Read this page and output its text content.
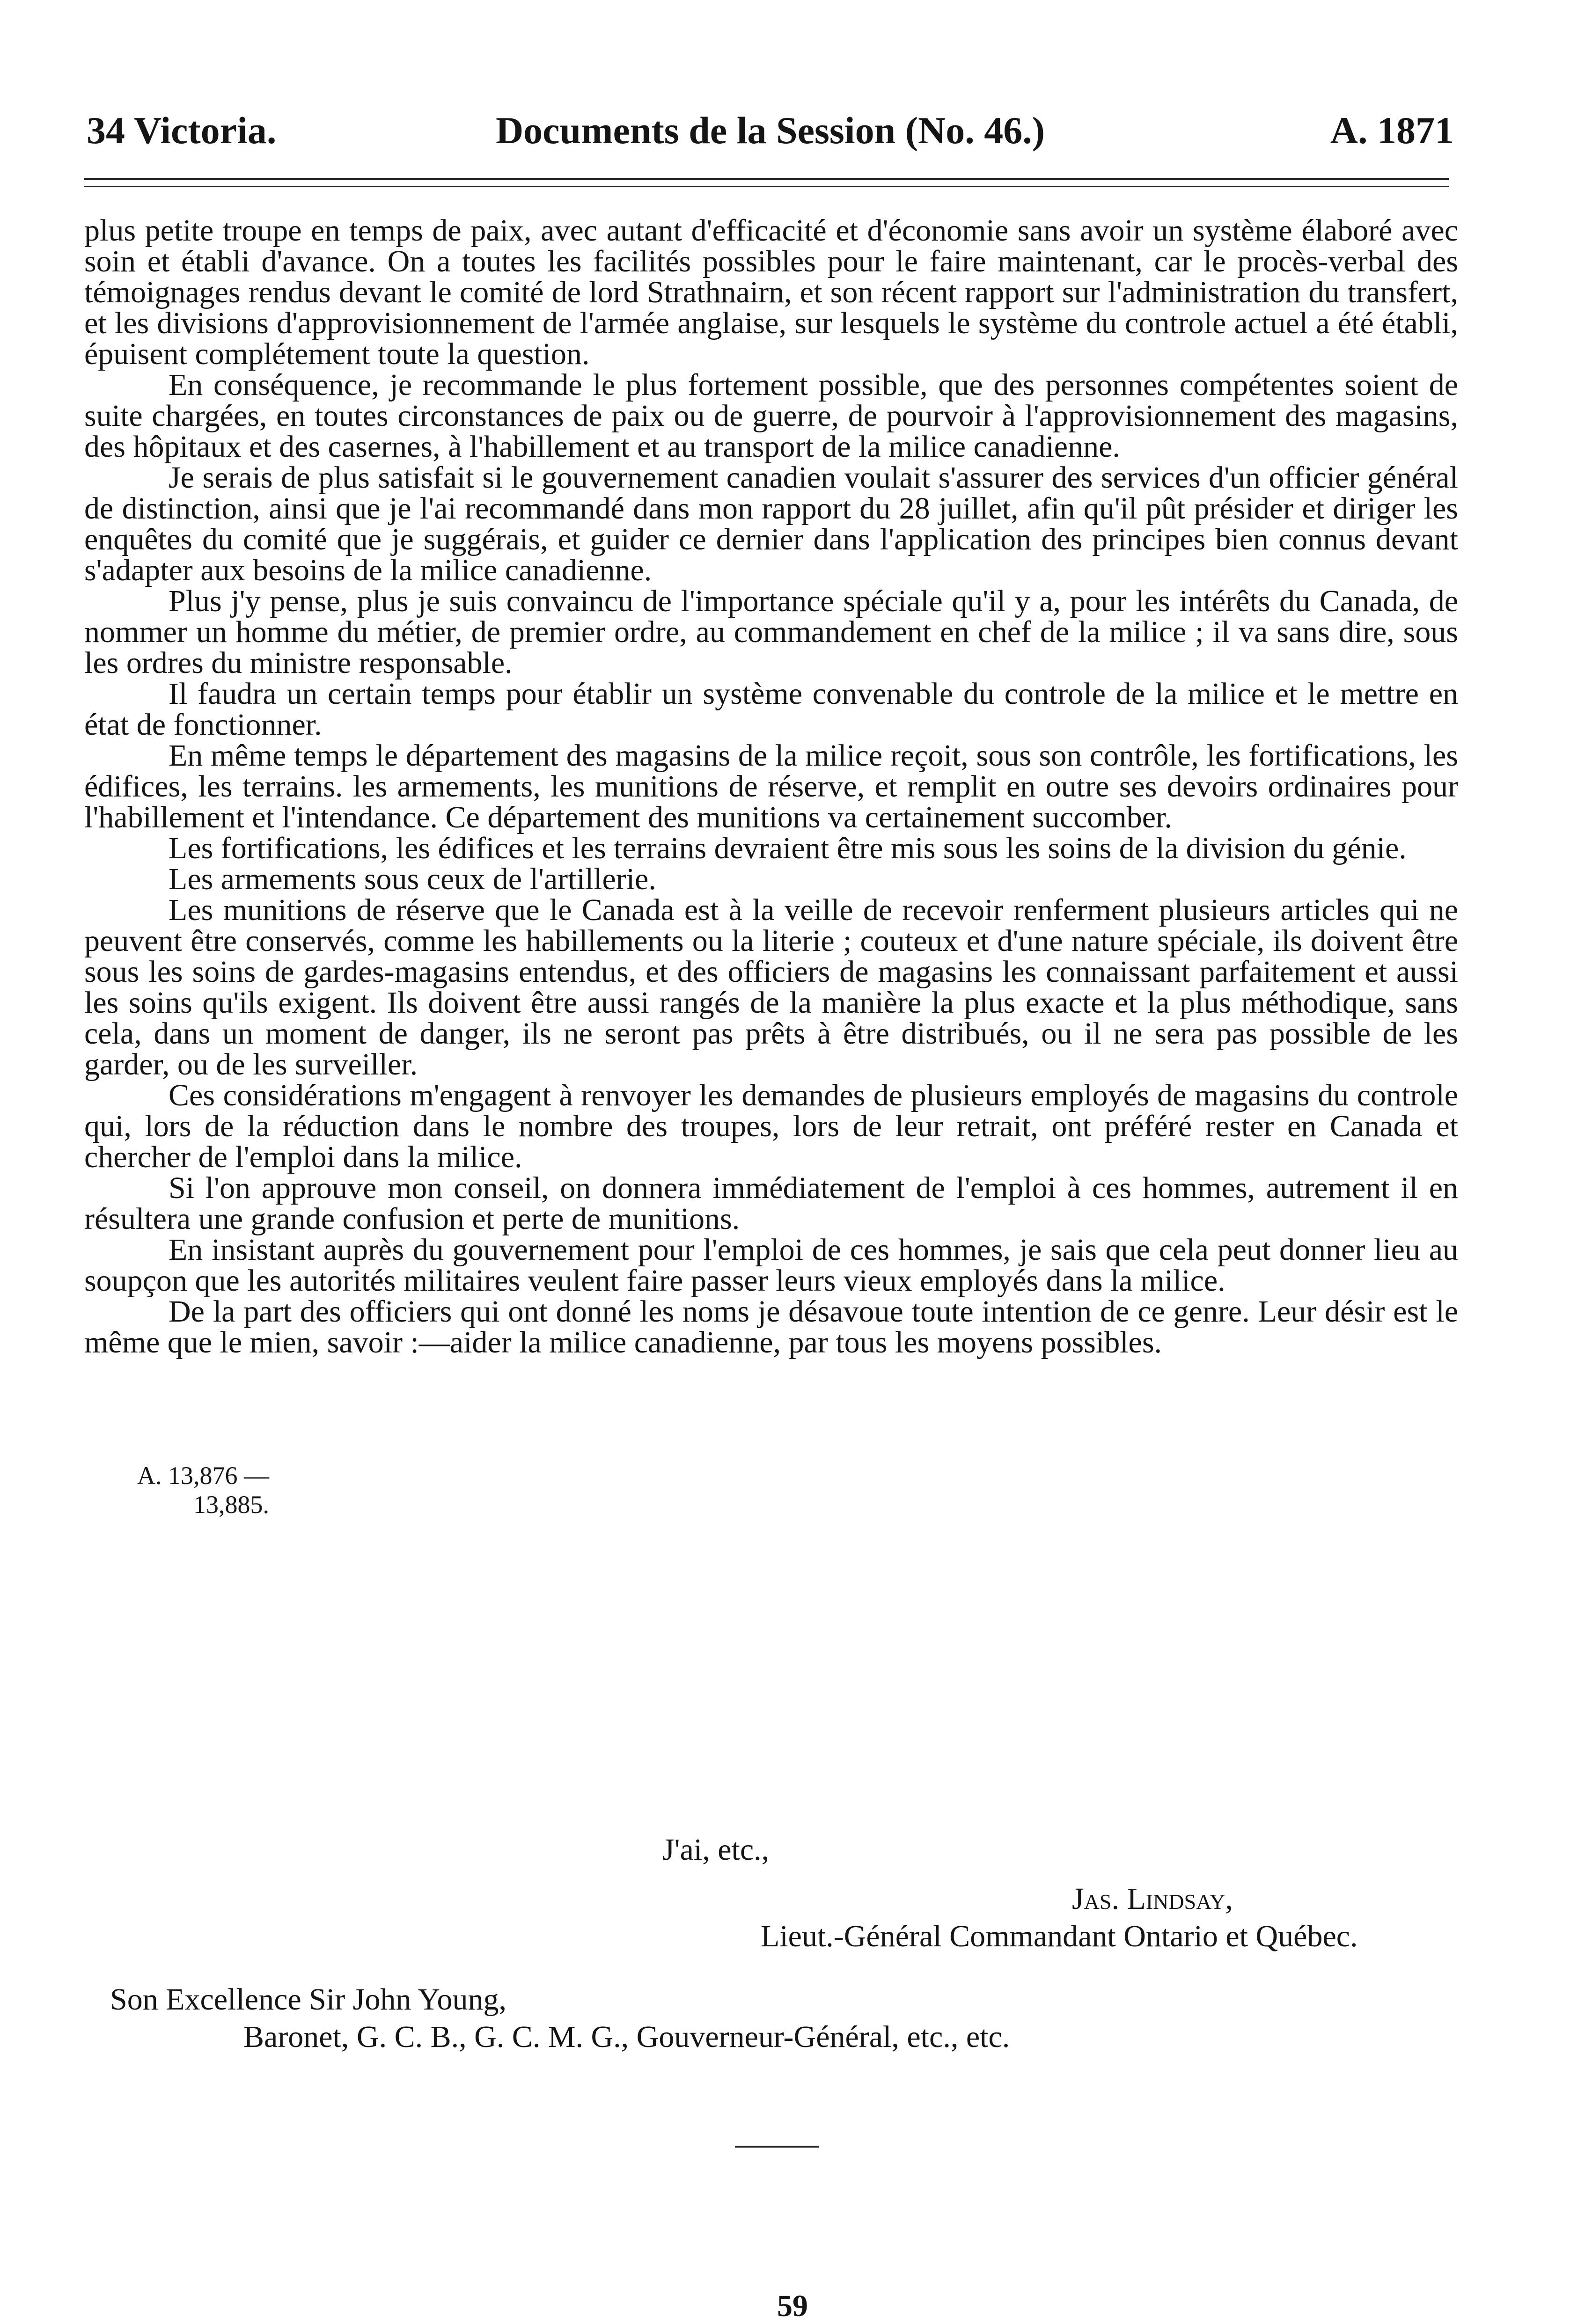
34 Victoria.	Documents de la Session (No. 46.)	A. 1871

plus petite troupe en temps de paix, avec autant d'efficacité et d'économie sans avoir un système élaboré avec soin et établi d'avance. On a toutes les facilités possibles pour le faire maintenant, car le procès-verbal des témoignages rendus devant le comité de lord Strathnairn, et son récent rapport sur l'administration du transfert, et les divisions d'approvisionnement de l'armée anglaise, sur lesquels le système du controle actuel a été établi, épuisent complétement toute la question.

En conséquence, je recommande le plus fortement possible, que des personnes compétentes soient de suite chargées, en toutes circonstances de paix ou de guerre, de pourvoir à l'approvisionnement des magasins, des hôpitaux et des casernes, à l'habillement et au transport de la milice canadienne.

Je serais de plus satisfait si le gouvernement canadien voulait s'assurer des services d'un officier général de distinction, ainsi que je l'ai recommandé dans mon rapport du 28 juillet, afin qu'il pût présider et diriger les enquêtes du comité que je suggérais, et guider ce dernier dans l'application des principes bien connus devant s'adapter aux besoins de la milice canadienne.

Plus j'y pense, plus je suis convaincu de l'importance spéciale qu'il y a, pour les intérêts du Canada, de nommer un homme du métier, de premier ordre, au commandement en chef de la milice ; il va sans dire, sous les ordres du ministre responsable.

Il faudra un certain temps pour établir un système convenable du controle de la milice et le mettre en état de fonctionner.

En même temps le département des magasins de la milice reçoit, sous son contrôle, les fortifications, les édifices, les terrains. les armements, les munitions de réserve, et remplit en outre ses devoirs ordinaires pour l'habillement et l'intendance. Ce département des munitions va certainement succomber.

Les fortifications, les édifices et les terrains devraient être mis sous les soins de la division du génie.

Les armements sous ceux de l'artillerie.

Les munitions de réserve que le Canada est à la veille de recevoir renferment plusieurs articles qui ne peuvent être conservés, comme les habillements ou la literie ; couteux et d'une nature spéciale, ils doivent être sous les soins de gardes-magasins entendus, et des officiers de magasins les connaissant parfaitement et aussi les soins qu'ils exigent. Ils doivent être aussi rangés de la manière la plus exacte et la plus méthodique, sans cela, dans un moment de danger, ils ne seront pas prêts à être distribués, ou il ne sera pas possible de les garder, ou de les surveiller.

Ces considérations m'engagent à renvoyer les demandes de plusieurs employés de magasins du controle qui, lors de la réduction dans le nombre des troupes, lors de leur retrait, ont préféré rester en Canada et chercher de l'emploi dans la milice.

Si l'on approuve mon conseil, on donnera immédiatement de l'emploi à ces hommes, autrement il en résultera une grande confusion et perte de munitions.

En insistant auprès du gouvernement pour l'emploi de ces hommes, je sais que cela peut donner lieu au soupçon que les autorités militaires veulent faire passer leurs vieux employés dans la milice.

De la part des officiers qui ont donné les noms je désavoue toute intention de ce genre. Leur désir est le même que le mien, savoir :—aider la milice canadienne, par tous les moyens possibles.

A. 13,876 —
13,885.
J'ai, etc.,
Jas. Lindsay,
Lieut.-Général Commandant Ontario et Québec.
Son Excellence Sir John Young,
Baronet, G. C. B., G. C. M. G., Gouverneur-Général, etc., etc.
59
